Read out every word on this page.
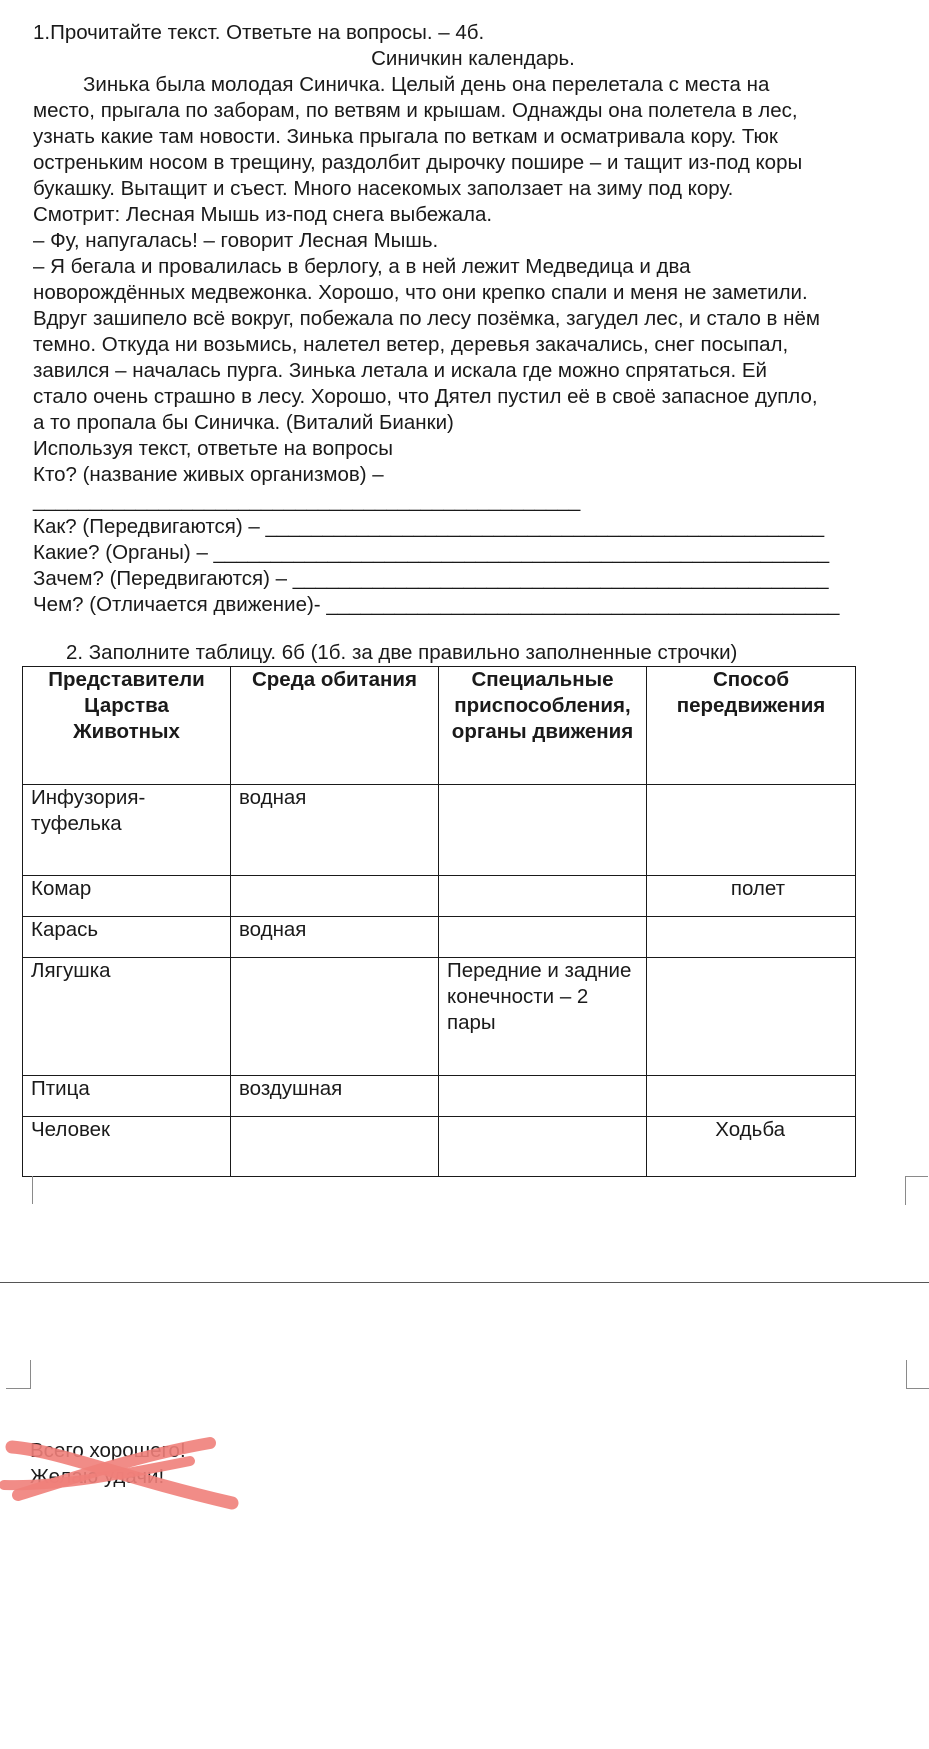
1.Прочитайте текст. Ответьте на вопросы. – 4б.
Синичкин календарь.
Зинька была молодая Синичка. Целый день она перелетала с места на
место, прыгала по заборам, по ветвям и крышам. Однажды она полетела в лес,
узнать какие там новости. Зинька прыгала по веткам и осматривала кору. Тюк
остреньким носом в трещину, раздолбит дырочку пошире – и тащит из-под коры
букашку. Вытащит и съест. Много насекомых заползает на зиму под кору.
Смотрит: Лесная Мышь из-под снега выбежала.
– Фу, напугалась! – говорит Лесная Мышь.
– Я бегала и провалилась в берлогу, а в ней лежит Медведица и два
новорождённых медвежонка. Хорошо, что они крепко спали и меня не заметили.
Вдруг зашипело всё вокруг, побежала по лесу позёмка, загудел лес, и стало в нём
темно. Откуда ни возьмись, налетел ветер, деревья закачались, снег посыпал,
завился – началась пурга. Зинька летала и искала где можно спрятаться. Ей
стало очень страшно в лесу. Хорошо, что Дятел пустил её в своё запасное дупло,
а то пропала бы Синичка. (Виталий Бианки)
Используя текст, ответьте на вопросы
Кто? (название живых организмов) –
________________________________________________
Как? (Передвигаются) – _________________________________________________
Какие? (Органы) – ______________________________________________________
Зачем? (Передвигаются) – _______________________________________________
Чем? (Отличается движение)- _____________________________________________
2. Заполните таблицу. 6б (1б. за две правильно заполненные строчки)
Представители Царства Животных	Среда обитания	Специальные приспособления, органы движения	Способ передвижения
Инфузория-туфелька	водная		
Комар			полет
Карась	водная		
Лягушка		Передние и задние конечности – 2 пары	
Птица	воздушная		
Человек			Ходьба
Всего хорошего!
Желаю удачи!
